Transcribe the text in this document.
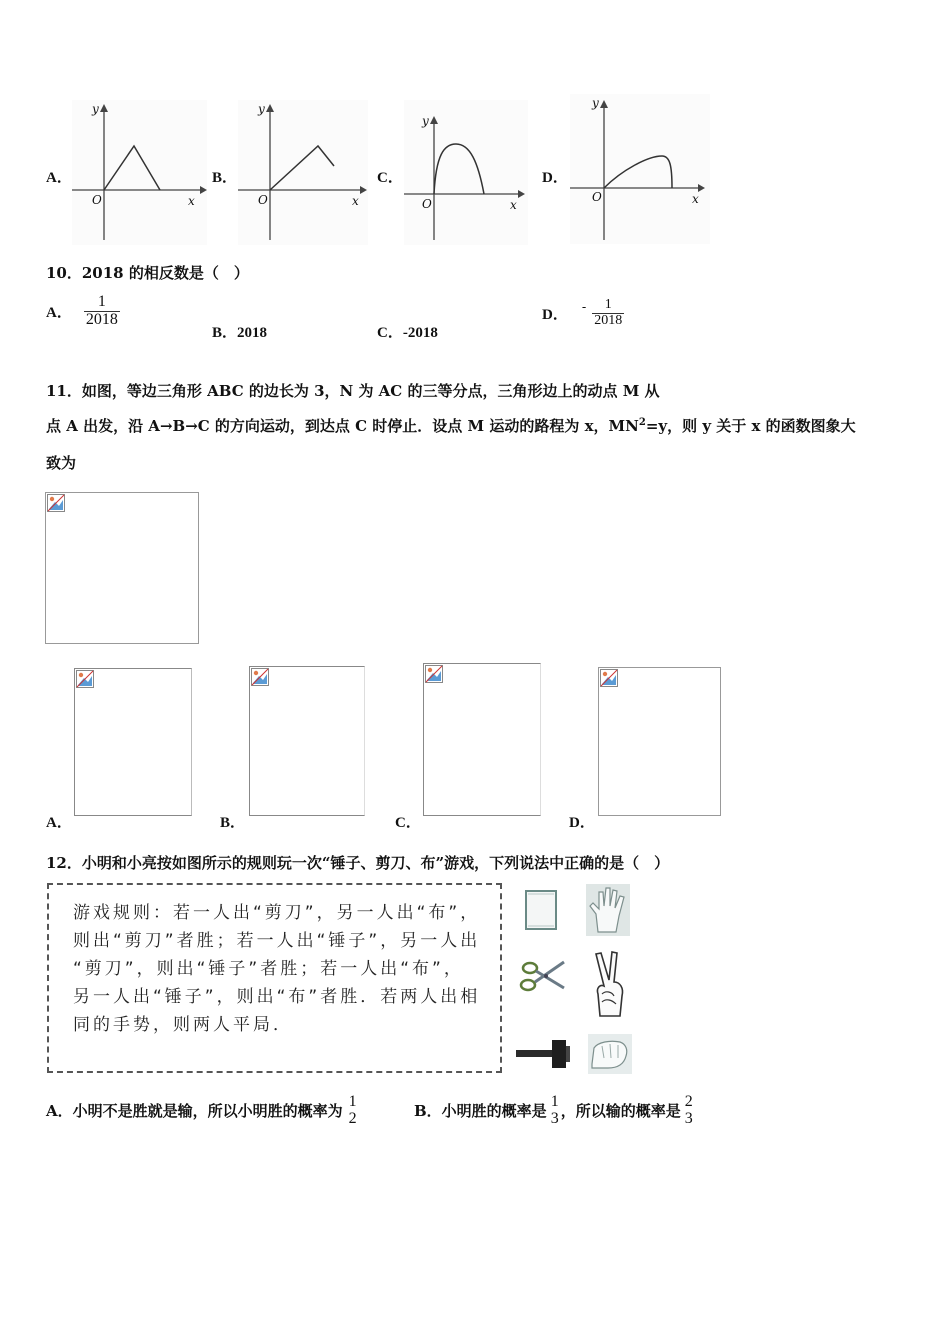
A．
y
x
O
B．
y
x
O
C．
y
x
O
D．
y
x
O
10．2018 的相反数是（　）
A． $\frac{1}{2018}$
B．2018	C．-2018
D． - $\frac{1}{2018}$
11．如图，等边三角形 ABC 的边长为 3，N 为 AC 的三等分点，三角形边上的动点 M 从
点 A 出发，沿 A→B→C 的方向运动，到达点 C 时停止．设点 M 运动的路程为 x，$MN^2=y$，则 y 关于 x 的函数图象大
致为
A．	B．	C．	D．
12．小明和小亮按如图所示的规则玩一次“锤子、剪刀、布”游戏，下列说法中正确的是（　）
游戏规则：若一人出“剪刀”，另一人出“布”，
则出“剪刀”者胜；若一人出“锤子”，另一人出
“剪刀”，则出“锤子”者胜；若一人出“布”，
另一人出“锤子”，则出“布”者胜．若两人出相
同的手势，则两人平局．
A．小明不是胜就是输，所以小明胜的概率为
1
2	B．小明胜的概率是
1
3 ，所以输的概率是
2
3
